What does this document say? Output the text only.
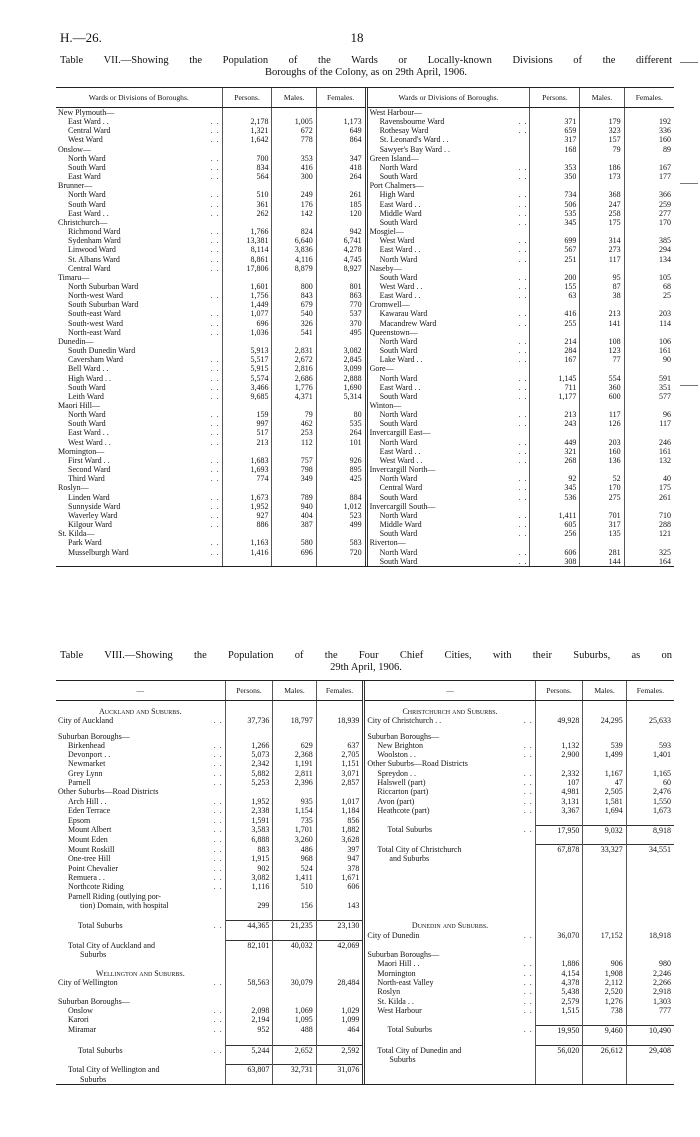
H.—26.	18
Table VII.—Showing the Population of the Wards or Locally-known Divisions of the different
Boroughs of the Colony, as on 29th April, 1906.
Wards or Divisions of Boroughs.	Persons.	Males.	Females.	Wards or Divisions of Boroughs.	Persons.	Males.	Females.
New Plymouth—				West Harbour—			
East Ward . . . .	2,178	1,005	1,173	Ravensbourne Ward . .	371	179	192
Central Ward . .	1,321	672	649	Rothesay Ward . .	659	323	336
West Ward . .	1,642	778	864	St. Leonard's Ward . .	317	157	160
Onslow—				Sawyer's Bay Ward . .	168	79	89
North Ward . .	700	353	347	Green Island—			
South Ward . .	834	416	418	North Ward . .	353	186	167
East Ward . .	564	300	264	South Ward . .	350	173	177
Brunner—				Port Chalmers—			
North Ward . .	510	249	261	High Ward . .	734	368	366
South Ward . .	361	176	185	East Ward . . . .	506	247	259
East Ward . . . .	262	142	120	Middle Ward . .	535	258	277
Christchurch—				South Ward . .	345	175	170
Richmond Ward . .	1,766	824	942	Mosgiel—			
Sydenham Ward . .	13,381	6,640	6,741	West Ward . .	699	314	385
Linwood Ward . .	8,114	3,836	4,278	East Ward . . . .	567	273	294
St. Albans Ward . .	8,861	4,116	4,745	North Ward . .	251	117	134
Central Ward . .	17,806	8,879	8,927	Naseby—			
Timaru—				South Ward . .	200	95	105
North Suburban Ward	1,601	800	801	West Ward . . . .	155	87	68
North-west Ward . .	1,756	843	863	East Ward . . . .	63	38	25
South Suburban Ward	1,449	679	770	Cromwell—			
South-east Ward . .	1,077	540	537	Kawarau Ward . .	416	213	203
South-west Ward . .	696	326	370	Macandrew Ward . .	255	141	114
North-east Ward . .	1,036	541	495	Queenstown—			
Dunedin—				North Ward . .	214	108	106
South Dunedin Ward	5,913	2,831	3,082	South Ward . .	284	123	161
Caversham Ward . .	5,517	2,672	2,845	Lake Ward . . . .	167	77	90
Bell Ward . . . .	5,915	2,816	3,099	Gore—			
High Ward . . . .	5,574	2,686	2,888	North Ward . .	1,145	554	591
South Ward . .	3,466	1,776	1,690	East Ward . . . .	711	360	351
Leith Ward . .	9,685	4,371	5,314	South Ward . .	1,177	600	577
Maori Hill—				Winton—			
North Ward . .	159	79	80	North Ward . .	213	117	96
South Ward . .	997	462	535	South Ward . .	243	126	117
East Ward . . . .	517	253	264	Invercargill East—			
West Ward . . . .	213	112	101	North Ward . .	449	203	246
Mornington—				East Ward . . . .	321	160	161
First Ward . . . .	1,683	757	926	West Ward . . . .	268	136	132
Second Ward . .	1,693	798	895	Invercargill North—			
Third Ward . .	774	349	425	North Ward . .	92	52	40
Roslyn—				Central Ward . .	345	170	175
Linden Ward . .	1,673	789	884	South Ward . .	536	275	261
Sunnyside Ward . .	1,952	940	1,012	Invercargill South—			
Waverley Ward . .	927	404	523	North Ward . .	1,411	701	710
Kilgour Ward . .	886	387	499	Middle Ward . .	605	317	288
St. Kilda—				South Ward . .	256	135	121
Park Ward . .	1,163	580	583	Riverton—			
Musselburgh Ward . .	1,416	696	720	North Ward . .	606	281	325
				South Ward . .	308	144	164
Table VIII.—Showing the Population of the Four Chief Cities, with their Suburbs, as on
29th April, 1906.
—	Persons.	Males.	Females.	—	Persons.	Males.	Females.

Auckland and Suburbs.				Christchurch and Suburbs.			
City of Auckland . .	37,736	18,797	18,939	City of Christchurch . . . .	49,928	24,295	25,633

Suburban Boroughs—				Suburban Boroughs—			
Birkenhead . .	1,266	629	637	New Brighton . .	1,132	539	593
Devonport . . . .	5,073	2,368	2,705	Woolston . . . .	2,900	1,499	1,401
Newmarket . .	2,342	1,191	1,151	Other Suburbs—Road Districts			
Grey Lynn . .	5,882	2,811	3,071	Spreydon . . . .	2,332	1,167	1,165
Parnell . .	5,253	2,396	2,857	Halswell (part) . .	107	47	60
Other Suburbs—Road Districts				Riccarton (part) . .	4,981	2,505	2,476
Arch Hill . . . .	1,952	935	1,017	Avon (part) . .	3,131	1,581	1,550
Eden Terrace . .	2,338	1,154	1,184	Heathcote (part) . .	3,367	1,694	1,673
Epsom . .	1,591	735	856				
Mount Albert . .	3,583	1,701	1,882	Total Suburbs . .	17,950	9,032	8,918
Mount Eden . .	6,888	3,260	3,628				
Mount Roskill . .	883	486	397	Total City of Christchurch	67,878	33,327	34,551
One-tree Hill . .	1,915	968	947	and Suburbs			
Point Chevalier . .	902	524	378				
Remuera . . . .	3,082	1,411	1,671				
Northcote Riding . .	1,116	510	606				
Parnell Riding (outlying por-							
tion) Domain, with hospital	299	156	143				

Total Suburbs . .	44,365	21,235	23,130	Dunedin and Suburbs.			
				City of Dunedin . .	36,070	17,152	18,918
Total City of Auckland and	82,101	40,032	42,069				
Suburbs				Suburban Boroughs—			
				Maori Hill . . . .	1,886	906	980
Wellington and Suburbs.				Mornington . .	4,154	1,908	2,246
City of Wellington . .	58,563	30,079	28,484	North-east Valley . .	4,378	2,112	2,266
				Roslyn . .	5,438	2,520	2,918
Suburban Boroughs—				St. Kilda . . . .	2,579	1,276	1,303
Onslow . .	2,098	1,069	1,029	West Harbour . .	1,515	738	777
Karori . .	2,194	1,095	1,099				
Miramar . .	952	488	464	Total Suburbs . .	19,950	9,460	10,490

Total Suburbs . .	5,244	2,652	2,592	Total City of Dunedin and	56,020	26,612	29,408
				Suburbs			
Total City of Wellington and	63,807	32,731	31,076				
Suburbs							
